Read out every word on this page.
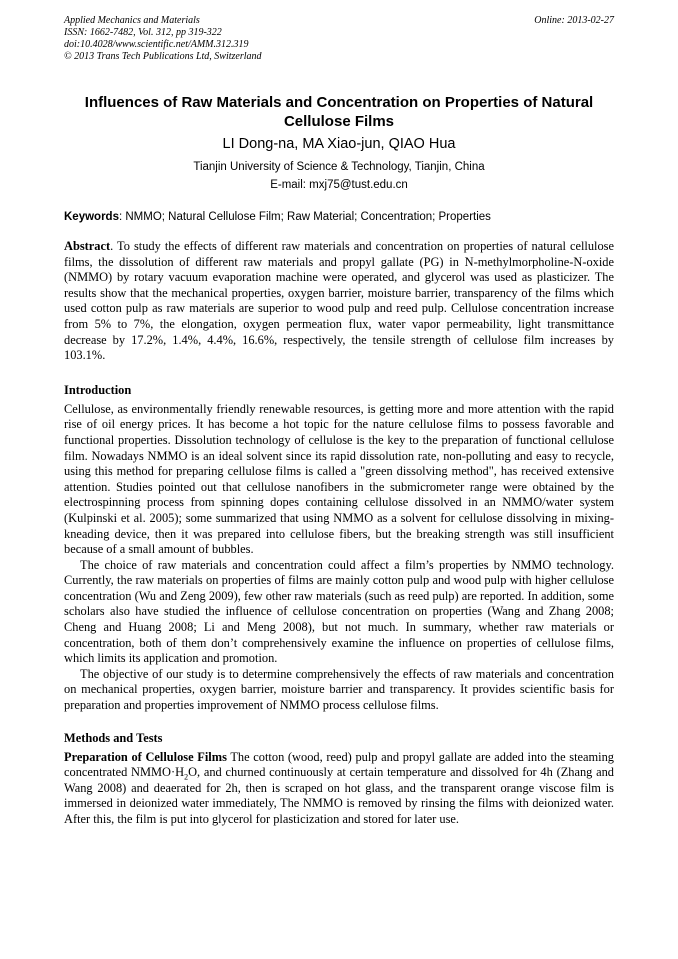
Applied Mechanics and Materials
ISSN: 1662-7482, Vol. 312, pp 319-322
doi:10.4028/www.scientific.net/AMM.312.319
© 2013 Trans Tech Publications Ltd, Switzerland
Online: 2013-02-27
Influences of Raw Materials and Concentration on Properties of Natural Cellulose Films
LI Dong-na, MA Xiao-jun, QIAO Hua
Tianjin University of Science & Technology, Tianjin, China
E-mail: mxj75@tust.edu.cn
Keywords: NMMO; Natural Cellulose Film; Raw Material; Concentration; Properties

Abstract. To study the effects of different raw materials and concentration on properties of natural cellulose films, the dissolution of different raw materials and propyl gallate (PG) in N-methylmorpholine-N-oxide (NMMO) by rotary vacuum evaporation machine were operated, and glycerol was used as plasticizer. The results show that the mechanical properties, oxygen barrier, moisture barrier, transparency of the films which used cotton pulp as raw materials are superior to wood pulp and reed pulp. Cellulose concentration increase from 5% to 7%, the elongation, oxygen permeation flux, water vapor permeability, light transmittance decrease by 17.2%, 1.4%, 4.4%, 16.6%, respectively, the tensile strength of cellulose film increases by 103.1%.

Introduction

Cellulose, as environmentally friendly renewable resources, is getting more and more attention with the rapid rise of oil energy prices. It has become a hot topic for the nature cellulose films to possess favorable and functional properties. Dissolution technology of cellulose is the key to the preparation of functional cellulose film. Nowadays NMMO is an ideal solvent since its rapid dissolution rate, non-polluting and easy to recycle, using this method for preparing cellulose films is called a "green dissolving method", has received extensive attention. Studies pointed out that cellulose nanofibers in the submicrometer range were obtained by the electrospinning process from spinning dopes containing cellulose dissolved in an NMMO/water system (Kulpinski et al. 2005); some summarized that using NMMO as a solvent for cellulose dissolving in mixing-kneading device, then it was prepared into cellulose fibers, but the breaking strength was still insufficient because of a small amount of bubbles.

The choice of raw materials and concentration could affect a film’s properties by NMMO technology. Currently, the raw materials on properties of films are mainly cotton pulp and wood pulp with higher cellulose concentration (Wu and Zeng 2009), few other raw materials (such as reed pulp) are reported. In addition, some scholars also have studied the influence of cellulose concentration on properties (Wang and Zhang 2008; Cheng and Huang 2008; Li and Meng 2008), but not much. In summary, whether raw materials or concentration, both of them don’t comprehensively examine the influence on properties of cellulose films, which limits its application and promotion.

The objective of our study is to determine comprehensively the effects of raw materials and concentration on mechanical properties, oxygen barrier, moisture barrier and transparency. It provides scientific basis for preparation and properties improvement of NMMO process cellulose films.

Methods and Tests

Preparation of Cellulose Films The cotton (wood, reed) pulp and propyl gallate are added into the steaming concentrated $NMMO\cdot H_2O$, and churned continuously at certain temperature and dissolved for 4h (Zhang and Wang 2008) and deaerated for 2h, then is scraped on hot glass, and the transparent orange viscose film is immersed in deionized water immediately, The NMMO is removed by rinsing the films with deionized water. After this, the film is put into glycerol for plasticization and stored for later use.
